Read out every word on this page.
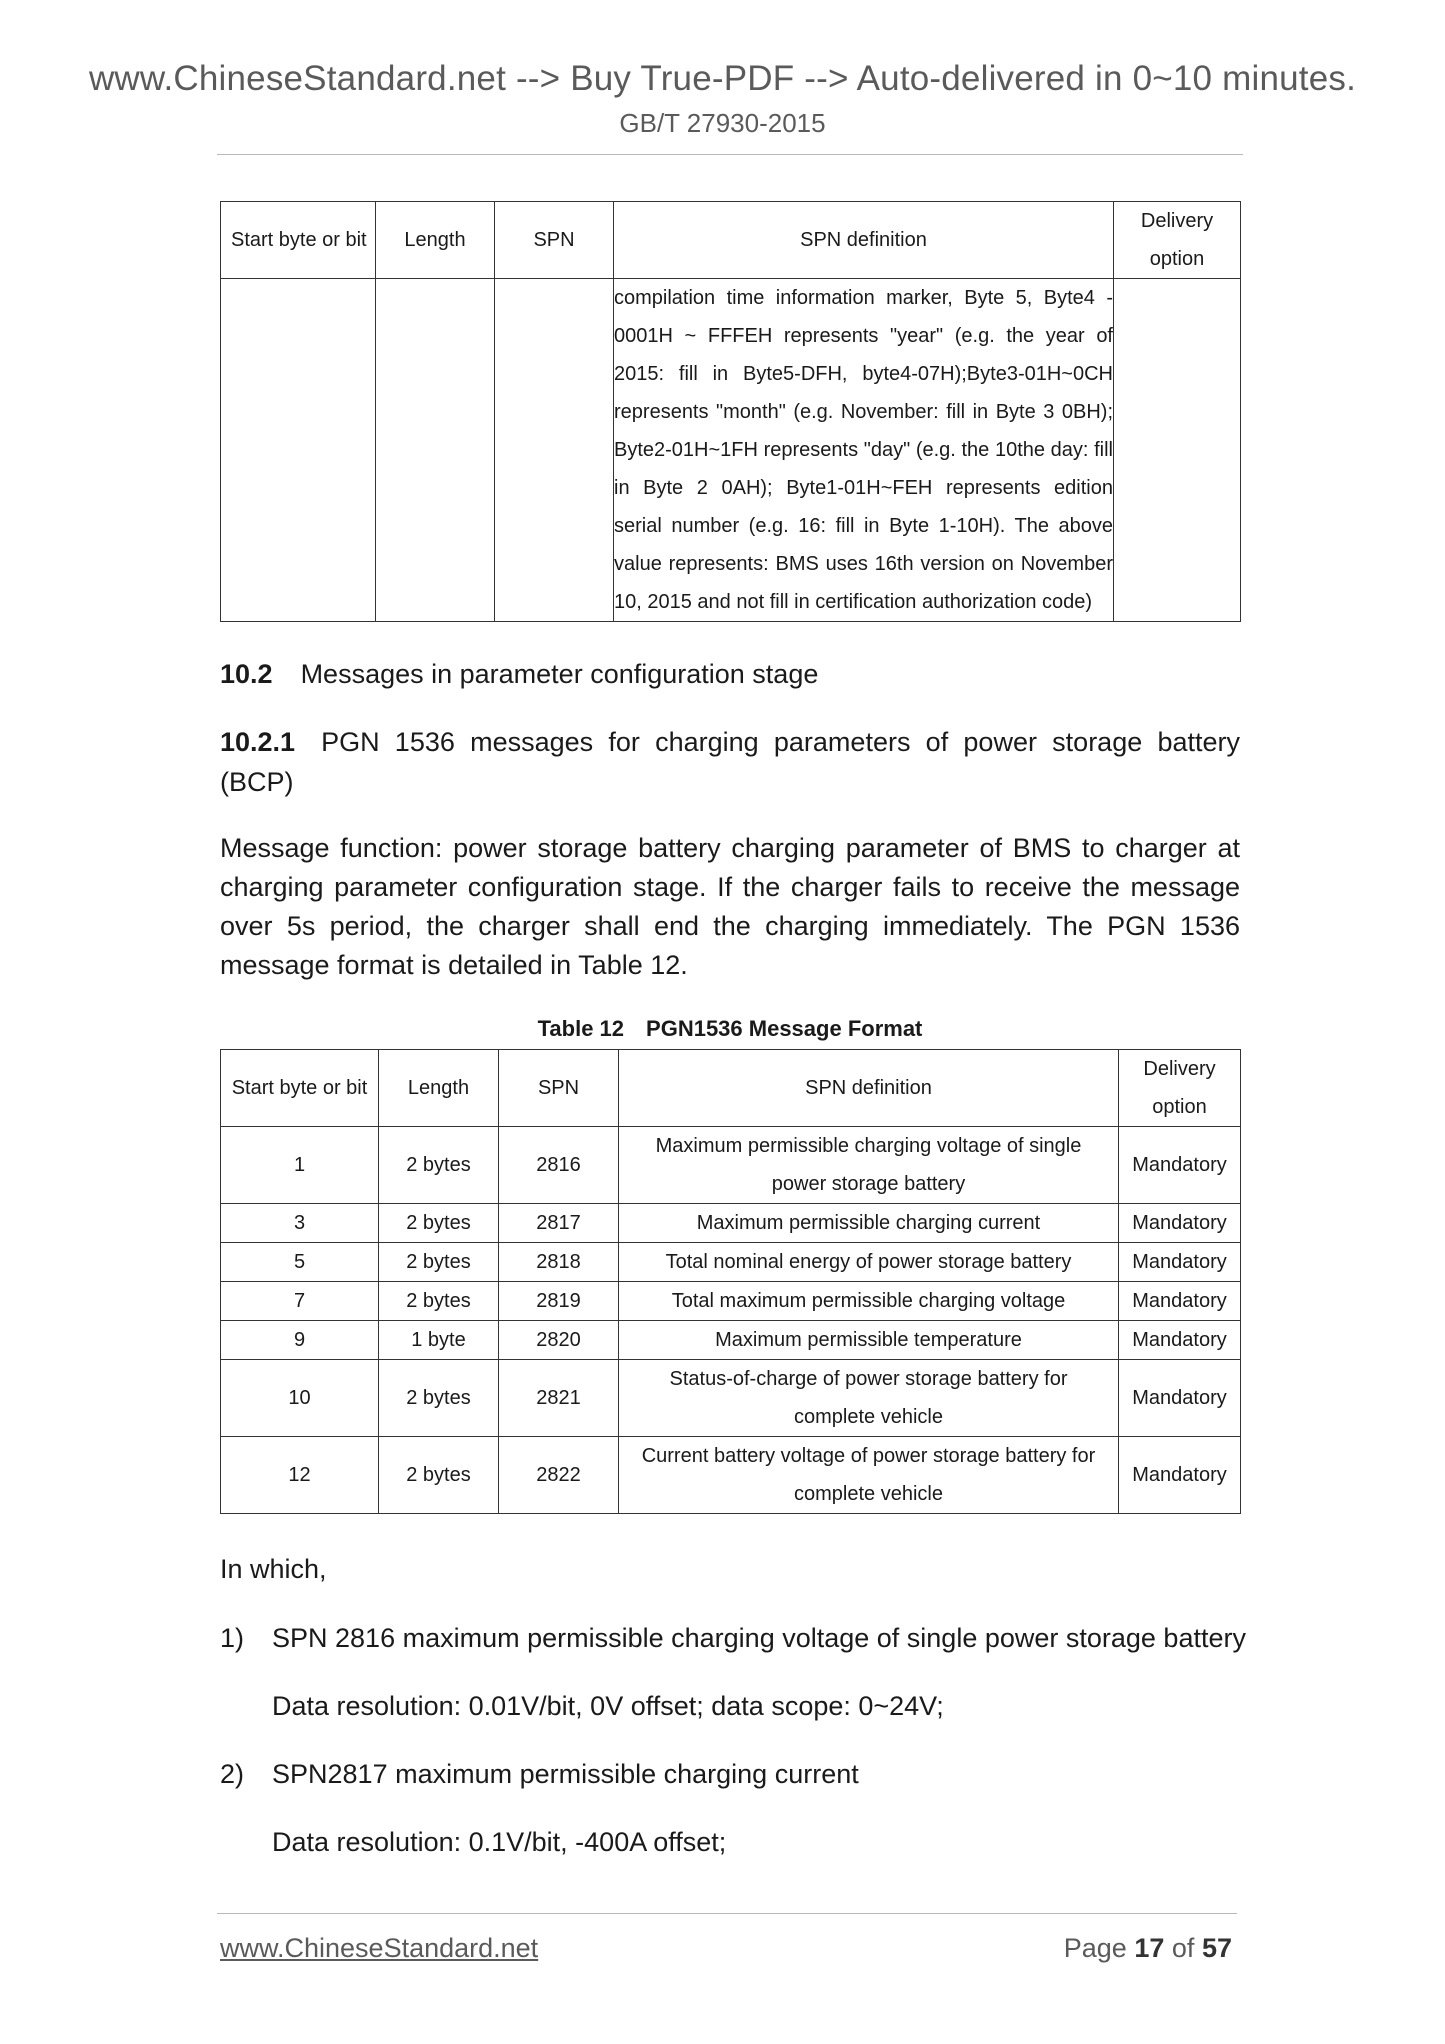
www.ChineseStandard.net --> Buy True-PDF --> Auto-delivered in 0~10 minutes.
GB/T 27930-2015
Start byte or bit	Length	SPN	SPN definition	Delivery option
			compilation time information marker, Byte 5, Byte4 - 0001H ~ FFFEH represents "year" (e.g. the year of 2015: fill in Byte5-DFH, byte4-07H);Byte3-01H~0CH represents "month" (e.g. November: fill in Byte 3 0BH); Byte2-01H~1FH represents "day" (e.g. the 10the day: fill in Byte 2 0AH); Byte1-01H~FEH represents edition serial number (e.g. 16: fill in Byte 1-10H). The above value represents: BMS uses 16th version on November 10, 2015 and not fill in certification authorization code)	
10.2 Messages in parameter configuration stage
10.2.1 PGN 1536 messages for charging parameters of power storage battery (BCP)
Message function: power storage battery charging parameter of BMS to charger at charging parameter configuration stage. If the charger fails to receive the message over 5s period, the charger shall end the charging immediately. The PGN 1536 message format is detailed in Table 12.
Table 12 PGN1536 Message Format
Start byte or bit	Length	SPN	SPN definition	Delivery option
1	2 bytes	2816	Maximum permissible charging voltage of single power storage battery	Mandatory
3	2 bytes	2817	Maximum permissible charging current	Mandatory
5	2 bytes	2818	Total nominal energy of power storage battery	Mandatory
7	2 bytes	2819	Total maximum permissible charging voltage	Mandatory
9	1 byte	2820	Maximum permissible temperature	Mandatory
10	2 bytes	2821	Status-of-charge of power storage battery for complete vehicle	Mandatory
12	2 bytes	2822	Current battery voltage of power storage battery for complete vehicle	Mandatory
In which,
1) SPN 2816 maximum permissible charging voltage of single power storage battery
Data resolution: 0.01V/bit, 0V offset; data scope: 0~24V;
2) SPN2817 maximum permissible charging current
Data resolution: 0.1V/bit, -400A offset;
www.ChineseStandard.net	Page 17 of 57
